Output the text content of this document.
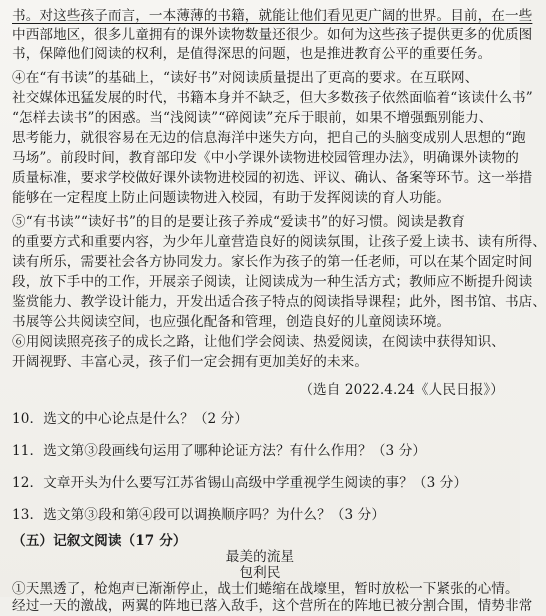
书。对这些孩子而言，一本薄薄的书籍，就能让他们看见更广阔的世界。目前，在一些
中西部地区，很多儿童拥有的课外读物数量还很少。如何为这些孩子提供更多的优质图
书，保障他们阅读的权利，是值得深思的问题，也是推进教育公平的重要任务。
④在“有书读”的基础上，“读好书”对阅读质量提出了更高的要求。在互联网、
社交媒体迅猛发展的时代，书籍本身并不缺乏，但大多数孩子依然面临着“该读什么书”
“怎样去读书”的困惑。当“浅阅读”“碎阅读”充斥于眼前，如果不增强甄别能力、
思考能力，就很容易在无边的信息海洋中迷失方向，把自己的头脑变成别人思想的“跑
马场”。前段时间，教育部印发《中小学课外读物进校园管理办法》，明确课外读物的
质量标准，要求学校做好课外读物进校园的初选、评议、确认、备案等环节。这一举措
能够在一定程度上防止问题读物进入校园，有助于发挥阅读的育人功能。
⑤“有书读”“读好书”的目的是要让孩子养成“爱读书”的好习惯。阅读是教育
的重要方式和重要内容，为少年儿童营造良好的阅读氛围，让孩子爱上读书、读有所得、
读有所乐，需要社会各方协同发力。家长作为孩子的第一任老师，可以在某个固定时间
段，放下手中的工作，开展亲子阅读，让阅读成为一种生活方式；教师应不断提升阅读
鉴赏能力、教学设计能力，开发出适合孩子特点的阅读指导课程；此外，图书馆、书店、
书展等公共阅读空间，也应强化配备和管理，创造良好的儿童阅读环境。
⑥用阅读照亮孩子的成长之路，让他们学会阅读、热爱阅读，在阅读中获得知识、
开阔视野、丰富心灵，孩子们一定会拥有更加美好的未来。
（选自 2022.4.24《人民日报》）
10．选文的中心论点是什么？（2 分）
11．选文第③段画线句运用了哪种论证方法？有什么作用？（3 分）
12．文章开头为什么要写江苏省锡山高级中学重视学生阅读的事？（3 分）
13．选文第③段和第④段可以调换顺序吗？为什么？（3 分）
（五）记叙文阅读（17 分）
最美的流星
包利民
①天黑透了，枪炮声已渐渐停止，战士们蜷缩在战壕里，暂时放松一下紧张的心情。
经过一天的激战，两翼的阵地已落入敌手，这个营所在的阵地已被分割合围，情势非常
